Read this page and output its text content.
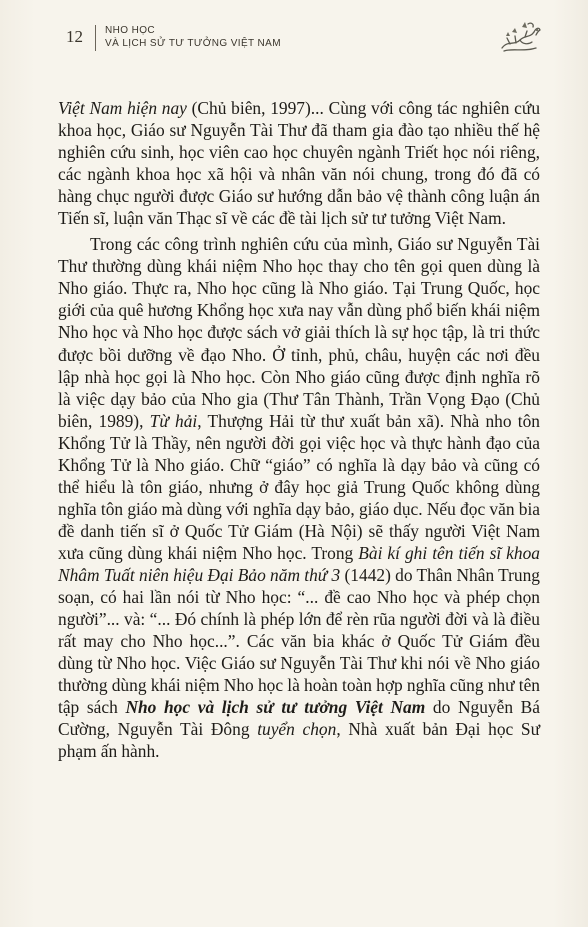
12 NHO HỌC
VÀ LỊCH SỬ TƯ TƯỞNG VIỆT NAM

Việt Nam hiện nay (Chủ biên, 1997)... Cùng với công tác nghiên cứu khoa học, Giáo sư Nguyễn Tài Thư đã tham gia đào tạo nhiều thế hệ nghiên cứu sinh, học viên cao học chuyên ngành Triết học nói riêng, các ngành khoa học xã hội và nhân văn nói chung, trong đó đã có hàng chục người được Giáo sư hướng dẫn bảo vệ thành công luận án Tiến sĩ, luận văn Thạc sĩ về các đề tài lịch sử tư tưởng Việt Nam.

Trong các công trình nghiên cứu của mình, Giáo sư Nguyễn Tài Thư thường dùng khái niệm Nho học thay cho tên gọi quen dùng là Nho giáo. Thực ra, Nho học cũng là Nho giáo. Tại Trung Quốc, học giới của quê hương Khổng học xưa nay vẫn dùng phổ biến khái niệm Nho học và Nho học được sách vở giải thích là sự học tập, là tri thức được bồi dưỡng về đạo Nho. Ở tỉnh, phủ, châu, huyện các nơi đều lập nhà học gọi là Nho học. Còn Nho giáo cũng được định nghĩa rõ là việc dạy bảo của Nho gia (Thư Tân Thành, Trần Vọng Đạo (Chủ biên, 1989), Từ hải, Thượng Hải từ thư xuất bản xã). Nhà nho tôn Khổng Tử là Thầy, nên người đời gọi việc học và thực hành đạo của Khổng Tử là Nho giáo. Chữ “giáo” có nghĩa là dạy bảo và cũng có thể hiểu là tôn giáo, nhưng ở đây học giả Trung Quốc không dùng nghĩa tôn giáo mà dùng với nghĩa dạy bảo, giáo dục. Nếu đọc văn bia đề danh tiến sĩ ở Quốc Tử Giám (Hà Nội) sẽ thấy người Việt Nam xưa cũng dùng khái niệm Nho học. Trong Bài kí ghi tên tiến sĩ khoa Nhâm Tuất niên hiệu Đại Bảo năm thứ 3 (1442) do Thân Nhân Trung soạn, có hai lần nói từ Nho học: “... đề cao Nho học và phép chọn người”... và: “... Đó chính là phép lớn để rèn rũa người đời và là điều rất may cho Nho học...”. Các văn bia khác ở Quốc Tử Giám đều dùng từ Nho học. Việc Giáo sư Nguyễn Tài Thư khi nói về Nho giáo thường dùng khái niệm Nho học là hoàn toàn hợp nghĩa cũng như tên tập sách Nho học và lịch sử tư tưởng Việt Nam do Nguyễn Bá Cường, Nguyễn Tài Đông tuyển chọn, Nhà xuất bản Đại học Sư phạm ấn hành.
